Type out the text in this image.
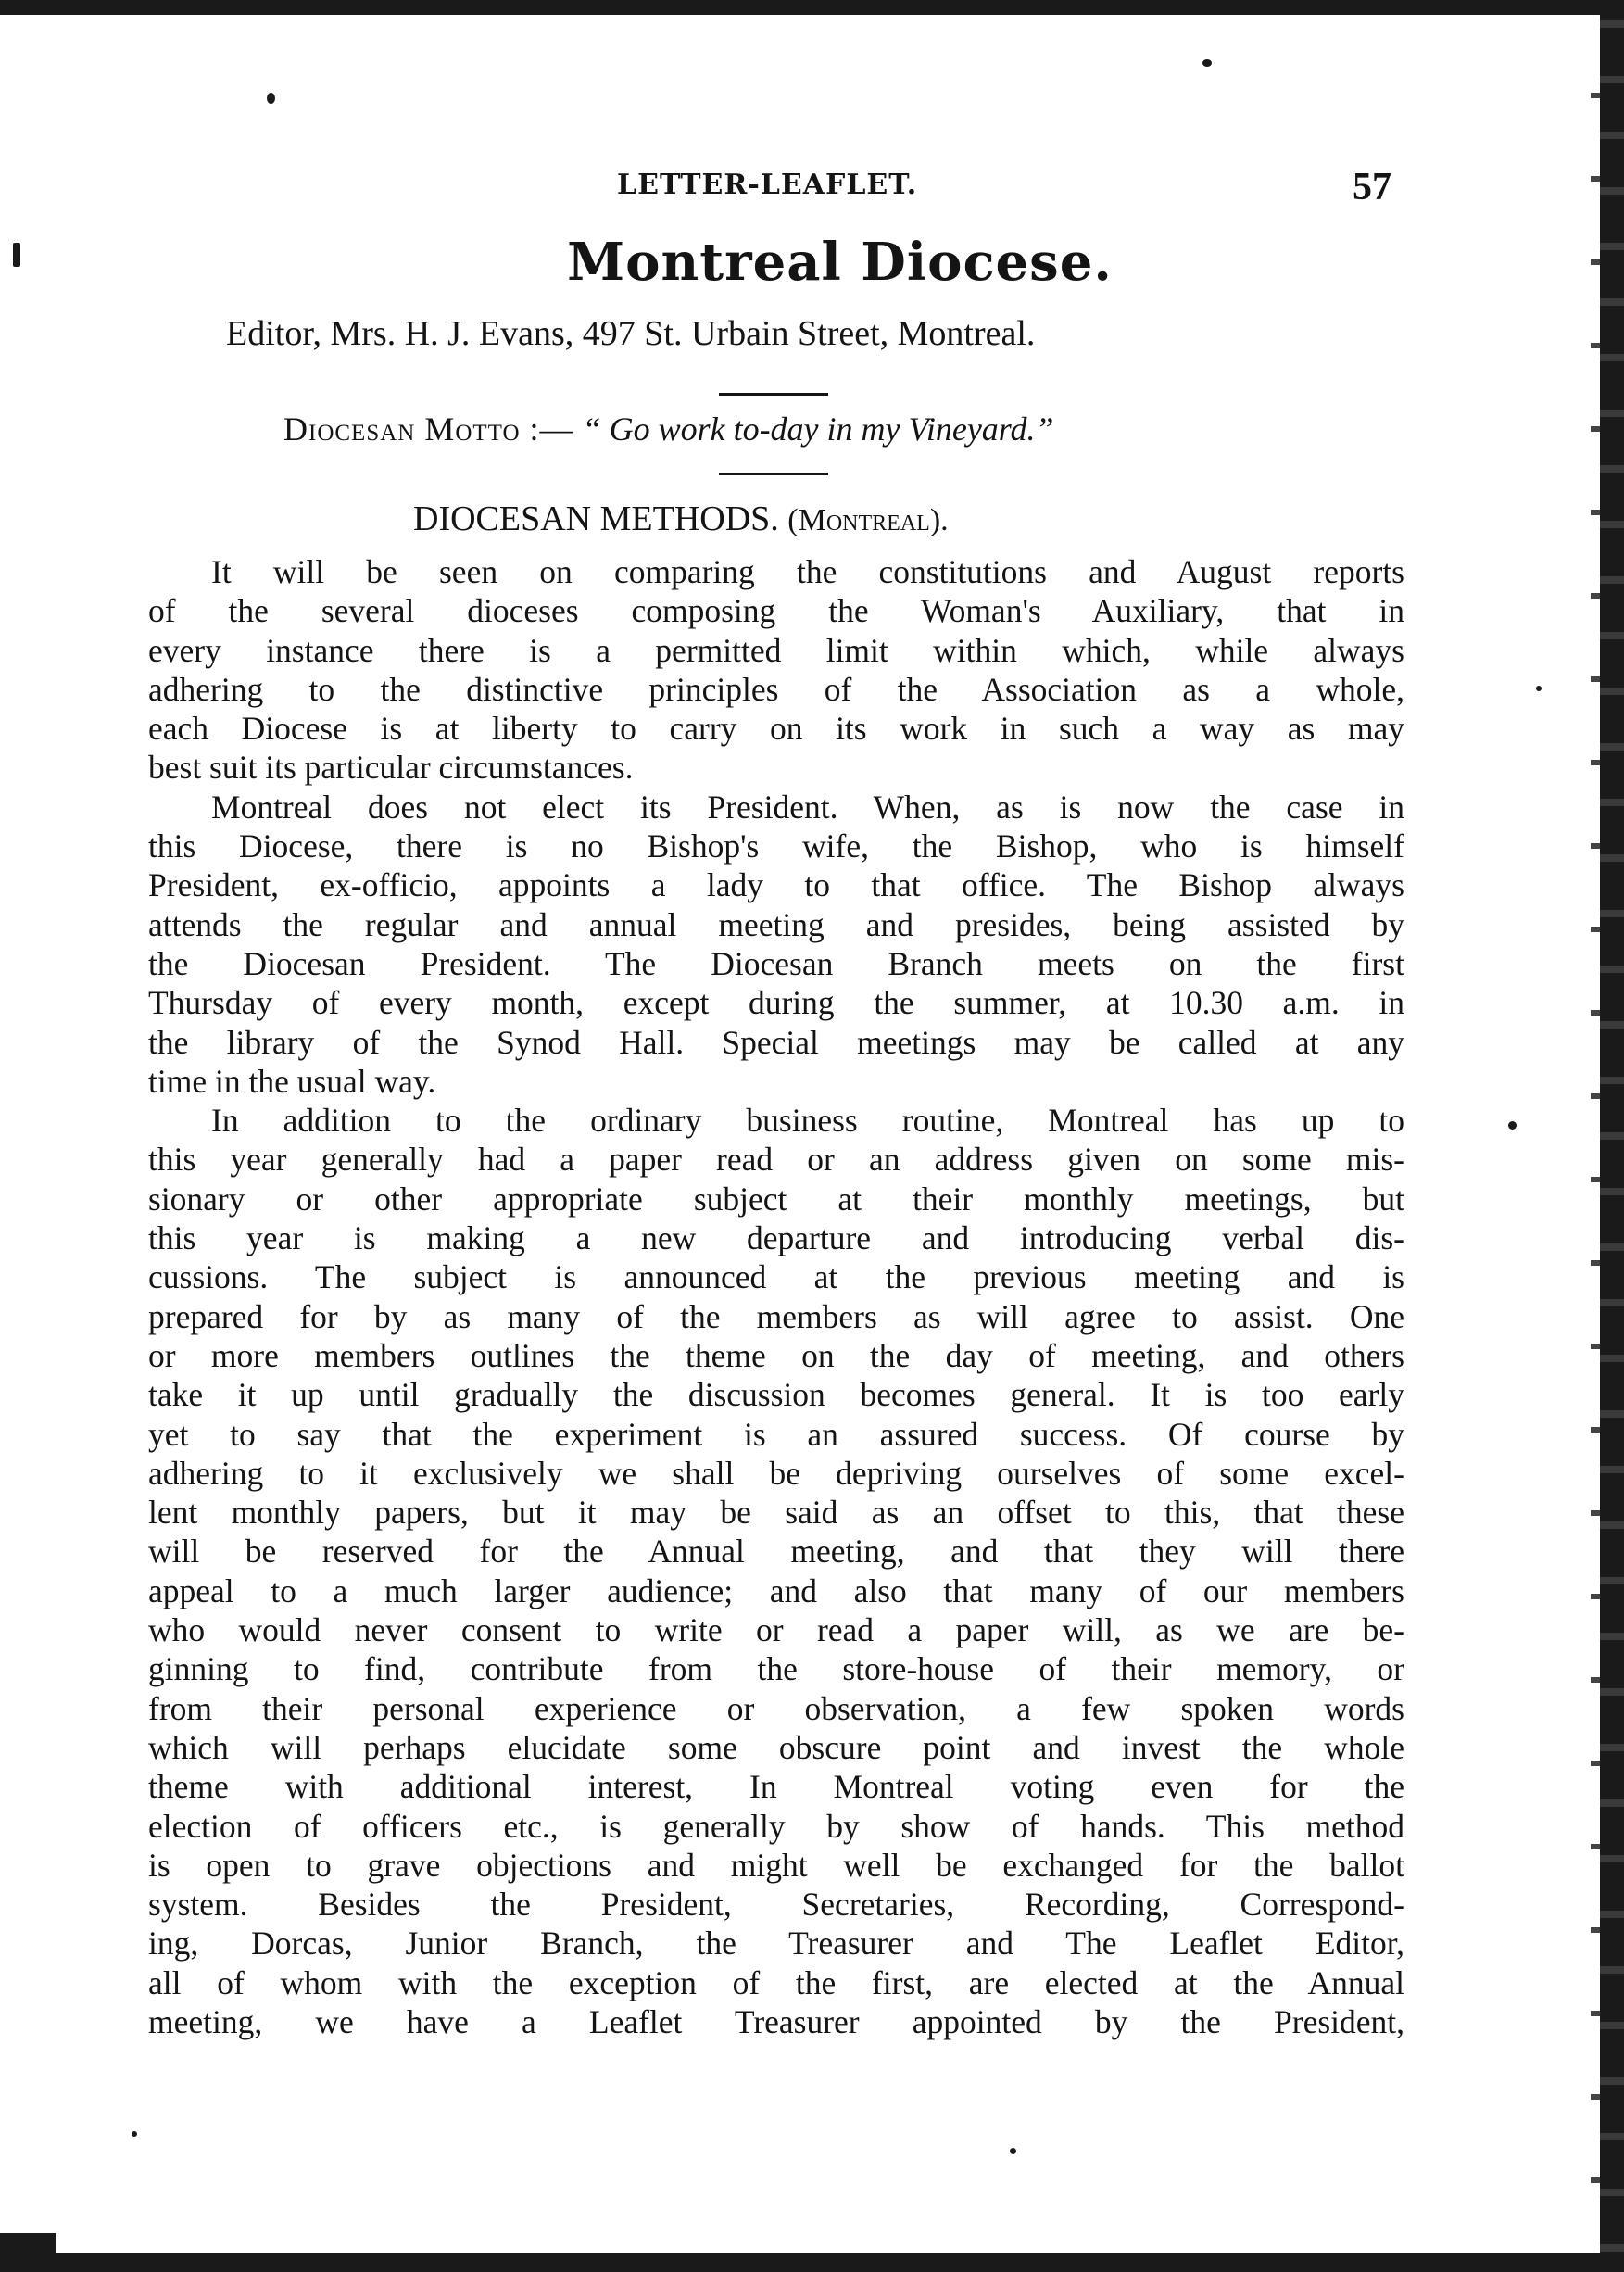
LETTER-LEAFLET.	57
Montreal Diocese.
Editor, Mrs. H. J. Evans, 497 St. Urbain Street, Montreal.
Diocesan Motto :— “ Go work to-day in my Vineyard.”
DIOCESAN METHODS. (Montreal).
It will be seen on comparing the constitutions and August reports
of the several dioceses composing the Woman's Auxiliary, that in
every instance there is a permitted limit within which, while always
adhering to the distinctive principles of the Association as a whole,
each Diocese is at liberty to carry on its work in such a way as may
best suit its particular circumstances.
Montreal does not elect its President. When, as is now the case in
this Diocese, there is no Bishop's wife, the Bishop, who is himself
President, ex-officio, appoints a lady to that office. The Bishop always
attends the regular and annual meeting and presides, being assisted by
the Diocesan President. The Diocesan Branch meets on the first
Thursday of every month, except during the summer, at 10.30 a.m. in
the library of the Synod Hall. Special meetings may be called at any
time in the usual way.
In addition to the ordinary business routine, Montreal has up to
this year generally had a paper read or an address given on some mis-
sionary or other appropriate subject at their monthly meetings, but
this year is making a new departure and introducing verbal dis-
cussions. The subject is announced at the previous meeting and is
prepared for by as many of the members as will agree to assist. One
or more members outlines the theme on the day of meeting, and others
take it up until gradually the discussion becomes general. It is too early
yet to say that the experiment is an assured success. Of course by
adhering to it exclusively we shall be depriving ourselves of some excel-
lent monthly papers, but it may be said as an offset to this, that these
will be reserved for the Annual meeting, and that they will there
appeal to a much larger audience; and also that many of our members
who would never consent to write or read a paper will, as we are be-
ginning to find, contribute from the store-house of their memory, or
from their personal experience or observation, a few spoken words
which will perhaps elucidate some obscure point and invest the whole
theme with additional interest, In Montreal voting even for the
election of officers etc., is generally by show of hands. This method
is open to grave objections and might well be exchanged for the ballot
system. Besides the President, Secretaries, Recording, Correspond-
ing, Dorcas, Junior Branch, the Treasurer and The Leaflet Editor,
all of whom with the exception of the first, are elected at the Annual
meeting, we have a Leaflet Treasurer appointed by the President,
